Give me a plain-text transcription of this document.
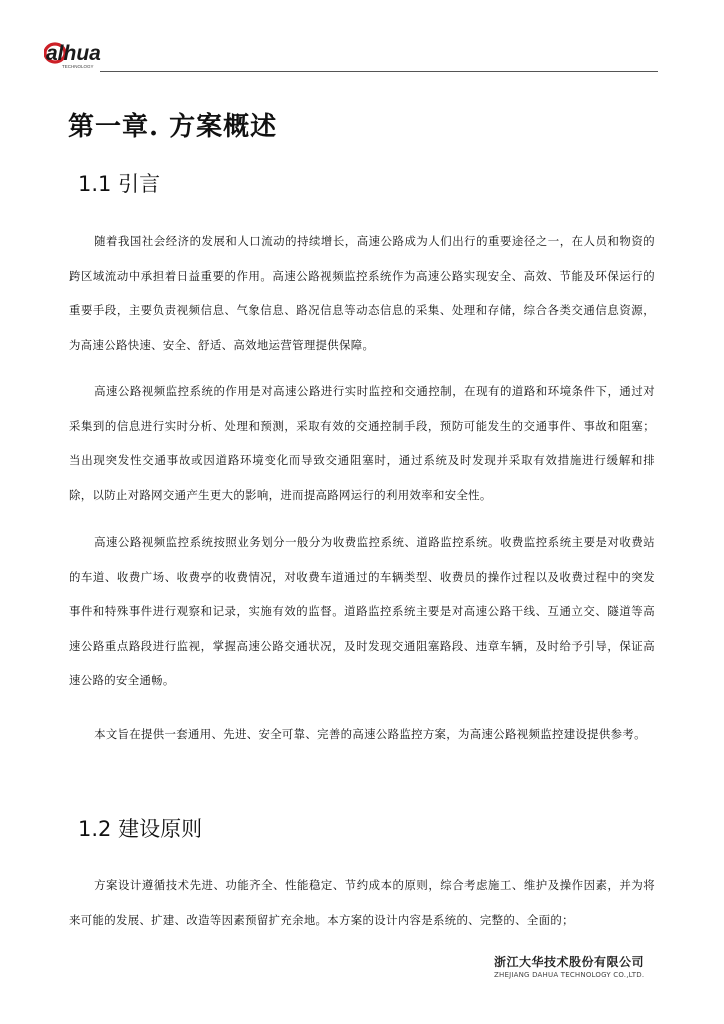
alhua
TECHNOLOGY
第一章. 方案概述
1.1 引言

随着我国社会经济的发展和人口流动的持续增长，高速公路成为人们出行的重要途径之一，在人员和物资的跨区域流动中承担着日益重要的作用。高速公路视频监控系统作为高速公路实现安全、高效、节能及环保运行的重要手段，主要负责视频信息、气象信息、路况信息等动态信息的采集、处理和存储，综合各类交通信息资源，为高速公路快速、安全、舒适、高效地运营管理提供保障。

高速公路视频监控系统的作用是对高速公路进行实时监控和交通控制，在现有的道路和环境条件下，通过对采集到的信息进行实时分析、处理和预测，采取有效的交通控制手段，预防可能发生的交通事件、事故和阻塞；当出现突发性交通事故或因道路环境变化而导致交通阻塞时，通过系统及时发现并采取有效措施进行缓解和排除，以防止对路网交通产生更大的影响，进而提高路网运行的利用效率和安全性。

高速公路视频监控系统按照业务划分一般分为收费监控系统、道路监控系统。收费监控系统主要是对收费站的车道、收费广场、收费亭的收费情况，对收费车道通过的车辆类型、收费员的操作过程以及收费过程中的突发事件和特殊事件进行观察和记录，实施有效的监督。道路监控系统主要是对高速公路干线、互通立交、隧道等高速公路重点路段进行监视，掌握高速公路交通状况，及时发现交通阻塞路段、违章车辆，及时给予引导，保证高速公路的安全通畅。

本文旨在提供一套通用、先进、安全可靠、完善的高速公路监控方案，为高速公路视频监控建设提供参考。

1.2 建设原则

方案设计遵循技术先进、功能齐全、性能稳定、节约成本的原则，综合考虑施工、维护及操作因素，并为将来可能的发展、扩建、改造等因素预留扩充余地。本方案的设计内容是系统的、完整的、全面的；

浙江大华技术股份有限公司
ZHEJIANG DAHUA TECHNOLOGY CO.,LTD.
